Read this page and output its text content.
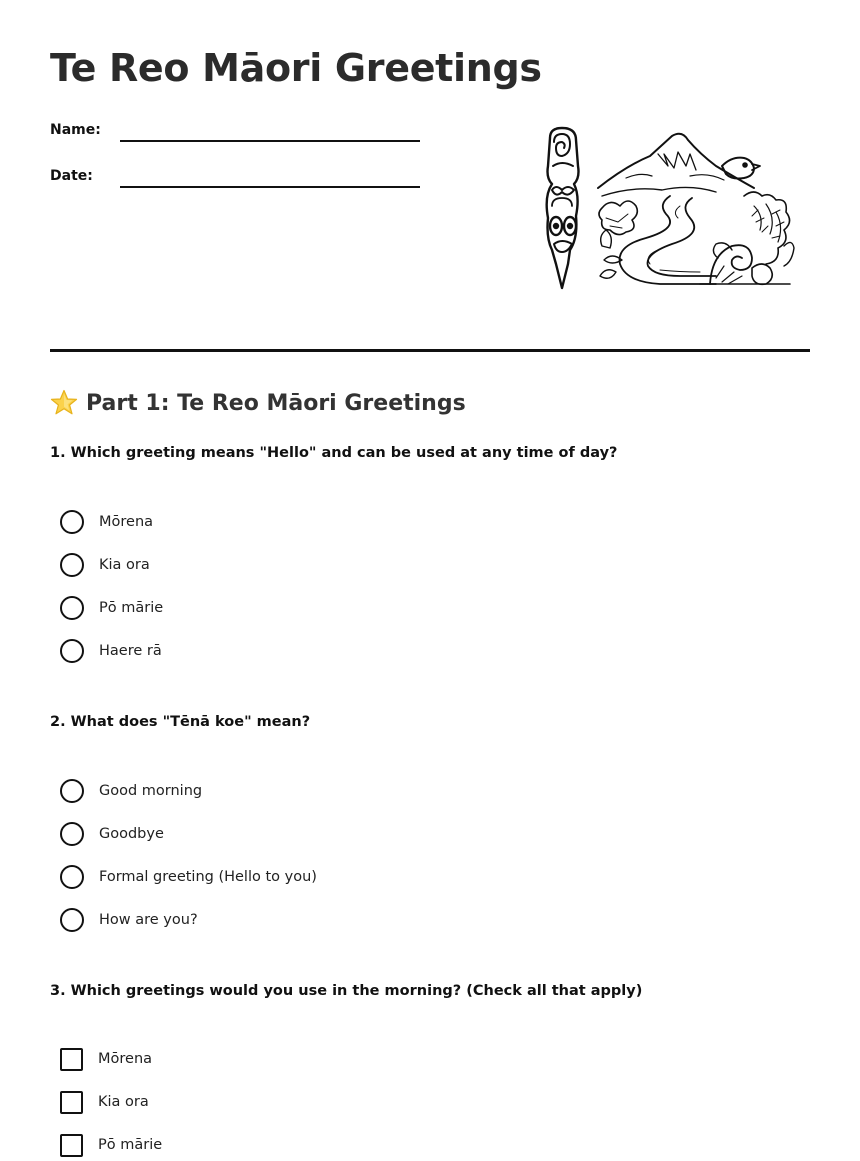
Te Reo Māori Greetings
Name:
Date:
Part 1: Te Reo Māori Greetings
1. Which greeting means "Hello" and can be used at any time of day?
Mōrena
Kia ora
Pō mārie
Haere rā
2. What does "Tēnā koe" mean?
Good morning
Goodbye
Formal greeting (Hello to you)
How are you?
3. Which greetings would you use in the morning? (Check all that apply)
Mōrena
Kia ora
Pō mārie
